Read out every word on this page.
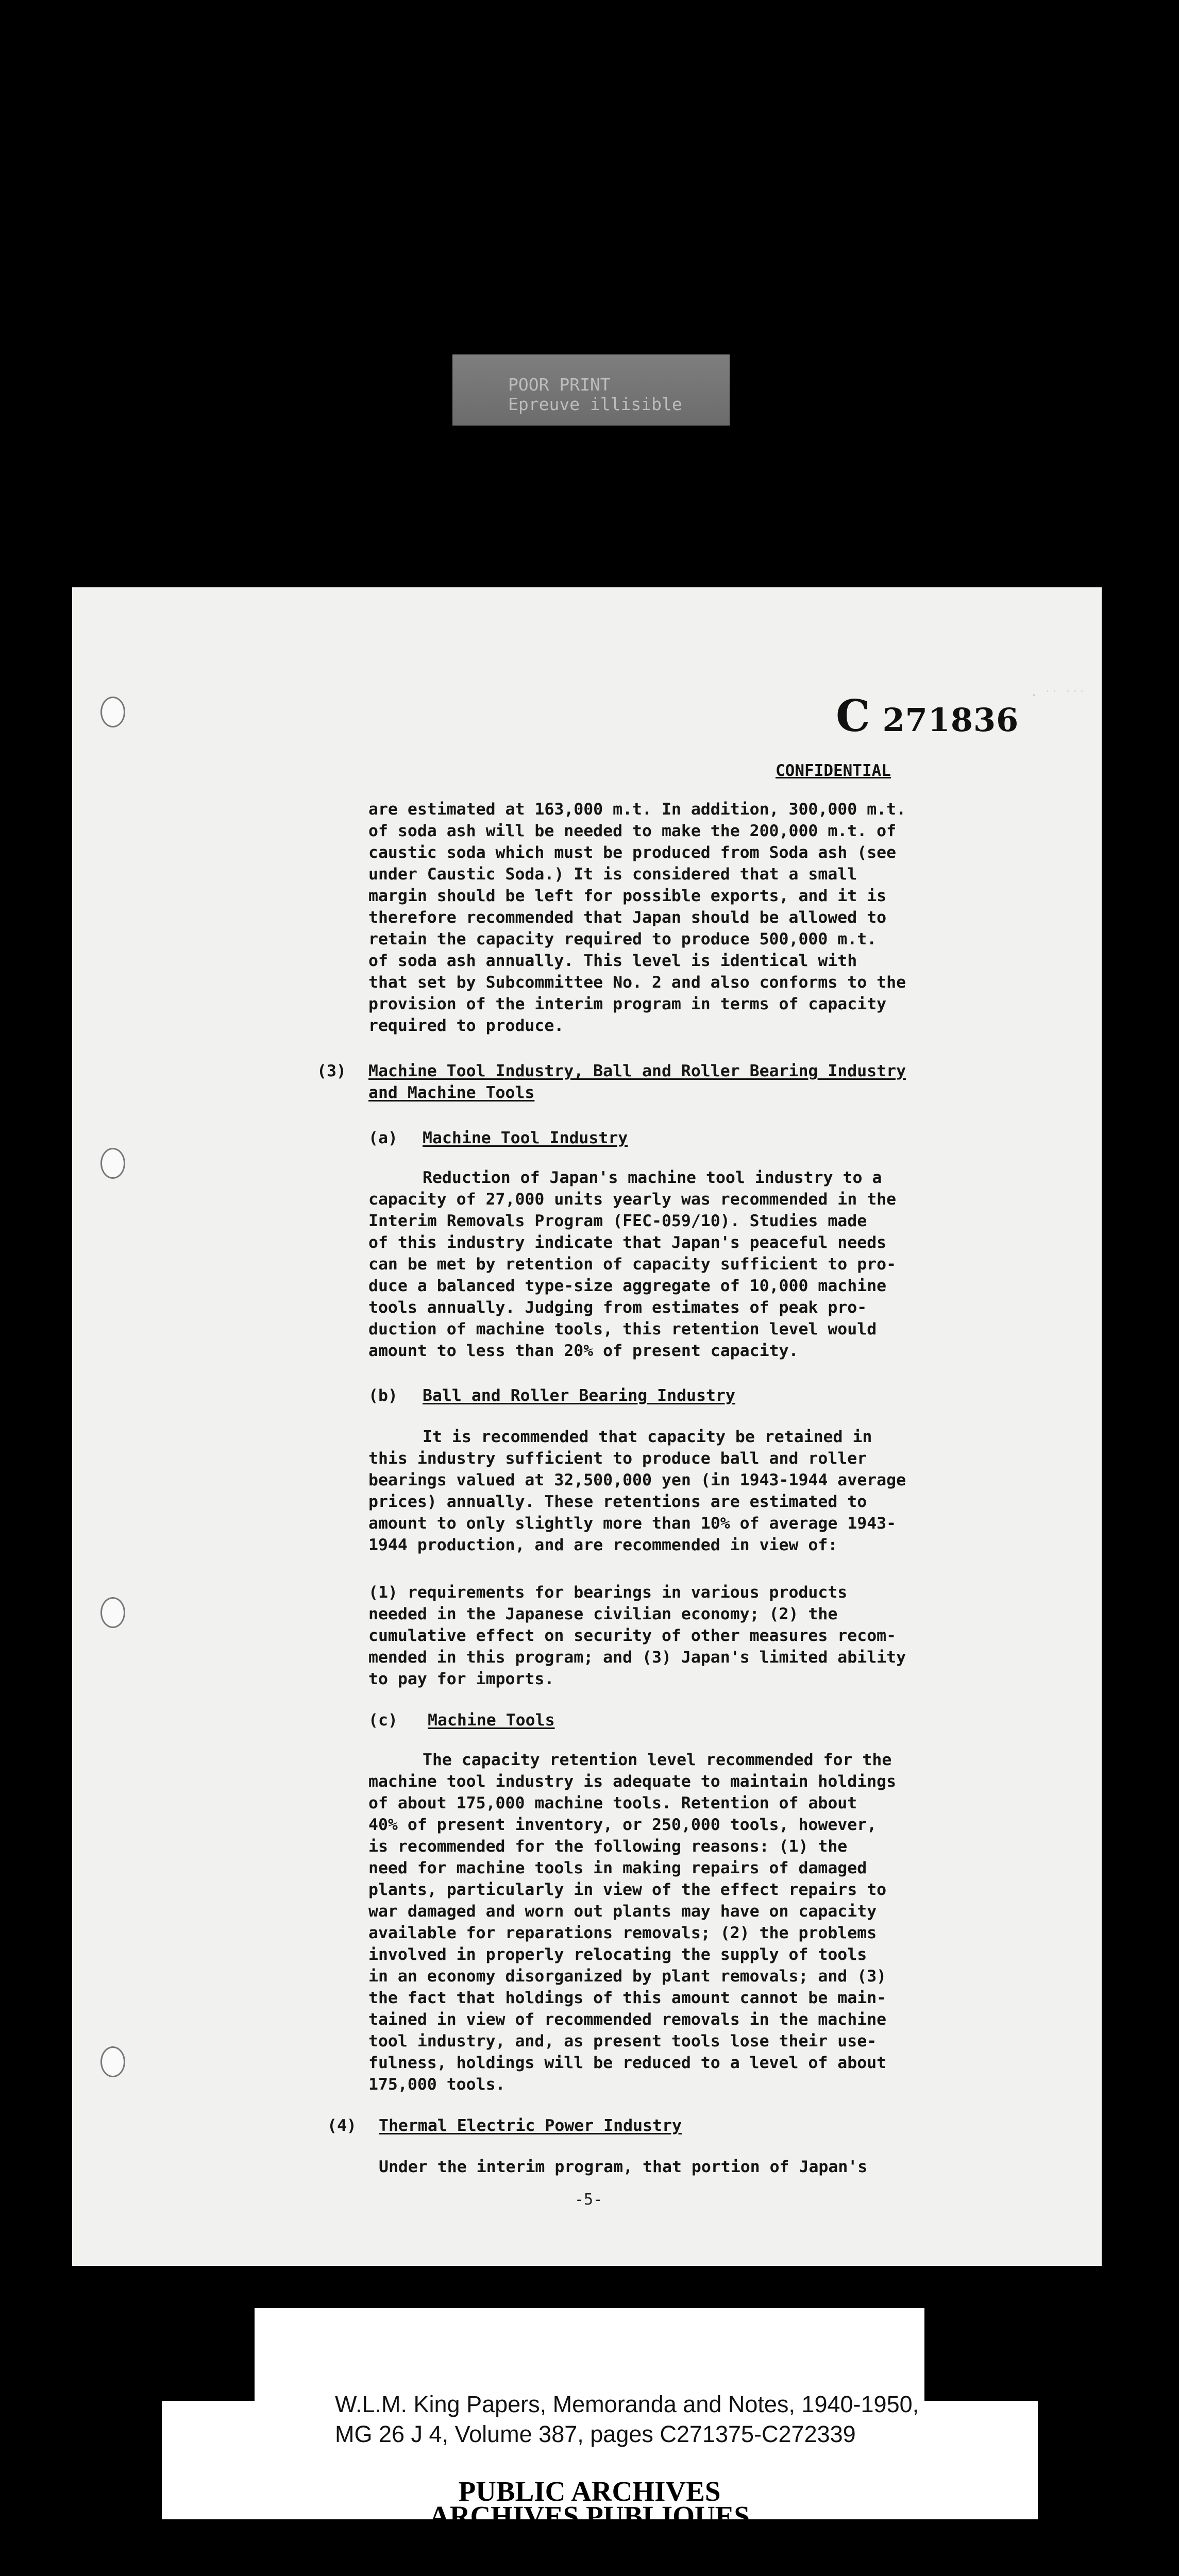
POOR PRINT
Epreuve illisible
C 271836
· ˙˙ ˙˙˙
CONFIDENTIAL
are estimated at 163,000 m.t. In addition, 300,000 m.t.
of soda ash will be needed to make the 200,000 m.t. of
caustic soda which must be produced from Soda ash (see
under Caustic Soda.) It is considered that a small
margin should be left for possible exports, and it is
therefore recommended that Japan should be allowed to
retain the capacity required to produce 500,000 m.t.
of soda ash annually. This level is identical with
that set by Subcommittee No. 2 and also conforms to the
provision of the interim program in terms of capacity
required to produce.
(3) Machine Tool Industry, Ball and Roller Bearing Industry
and Machine Tools
(a) Machine Tool Industry
Reduction of Japan's machine tool industry to a
capacity of 27,000 units yearly was recommended in the
Interim Removals Program (FEC-059/10). Studies made
of this industry indicate that Japan's peaceful needs
can be met by retention of capacity sufficient to pro-
duce a balanced type-size aggregate of 10,000 machine
tools annually. Judging from estimates of peak pro-
duction of machine tools, this retention level would
amount to less than 20% of present capacity.
(b) Ball and Roller Bearing Industry
It is recommended that capacity be retained in
this industry sufficient to produce ball and roller
bearings valued at 32,500,000 yen (in 1943-1944 average
prices) annually. These retentions are estimated to
amount to only slightly more than 10% of average 1943-
1944 production, and are recommended in view of:
(1) requirements for bearings in various products
needed in the Japanese civilian economy; (2) the
cumulative effect on security of other measures recom-
mended in this program; and (3) Japan's limited ability
to pay for imports.
(c) Machine Tools
The capacity retention level recommended for the
machine tool industry is adequate to maintain holdings
of about 175,000 machine tools. Retention of about
40% of present inventory, or 250,000 tools, however,
is recommended for the following reasons: (1) the
need for machine tools in making repairs of damaged
plants, particularly in view of the effect repairs to
war damaged and worn out plants may have on capacity
available for reparations removals; (2) the problems
involved in properly relocating the supply of tools
in an economy disorganized by plant removals; and (3)
the fact that holdings of this amount cannot be main-
tained in view of recommended removals in the machine
tool industry, and, as present tools lose their use-
fulness, holdings will be reduced to a level of about
175,000 tools.
(4) Thermal Electric Power Industry
Under the interim program, that portion of Japan's
-5-
W.L.M. King Papers, Memoranda and Notes, 1940-1950,
MG 26 J 4, Volume 387, pages C271375-C272339
PUBLIC ARCHIVES
ARCHIVES PUBLIQUES
CANADA
